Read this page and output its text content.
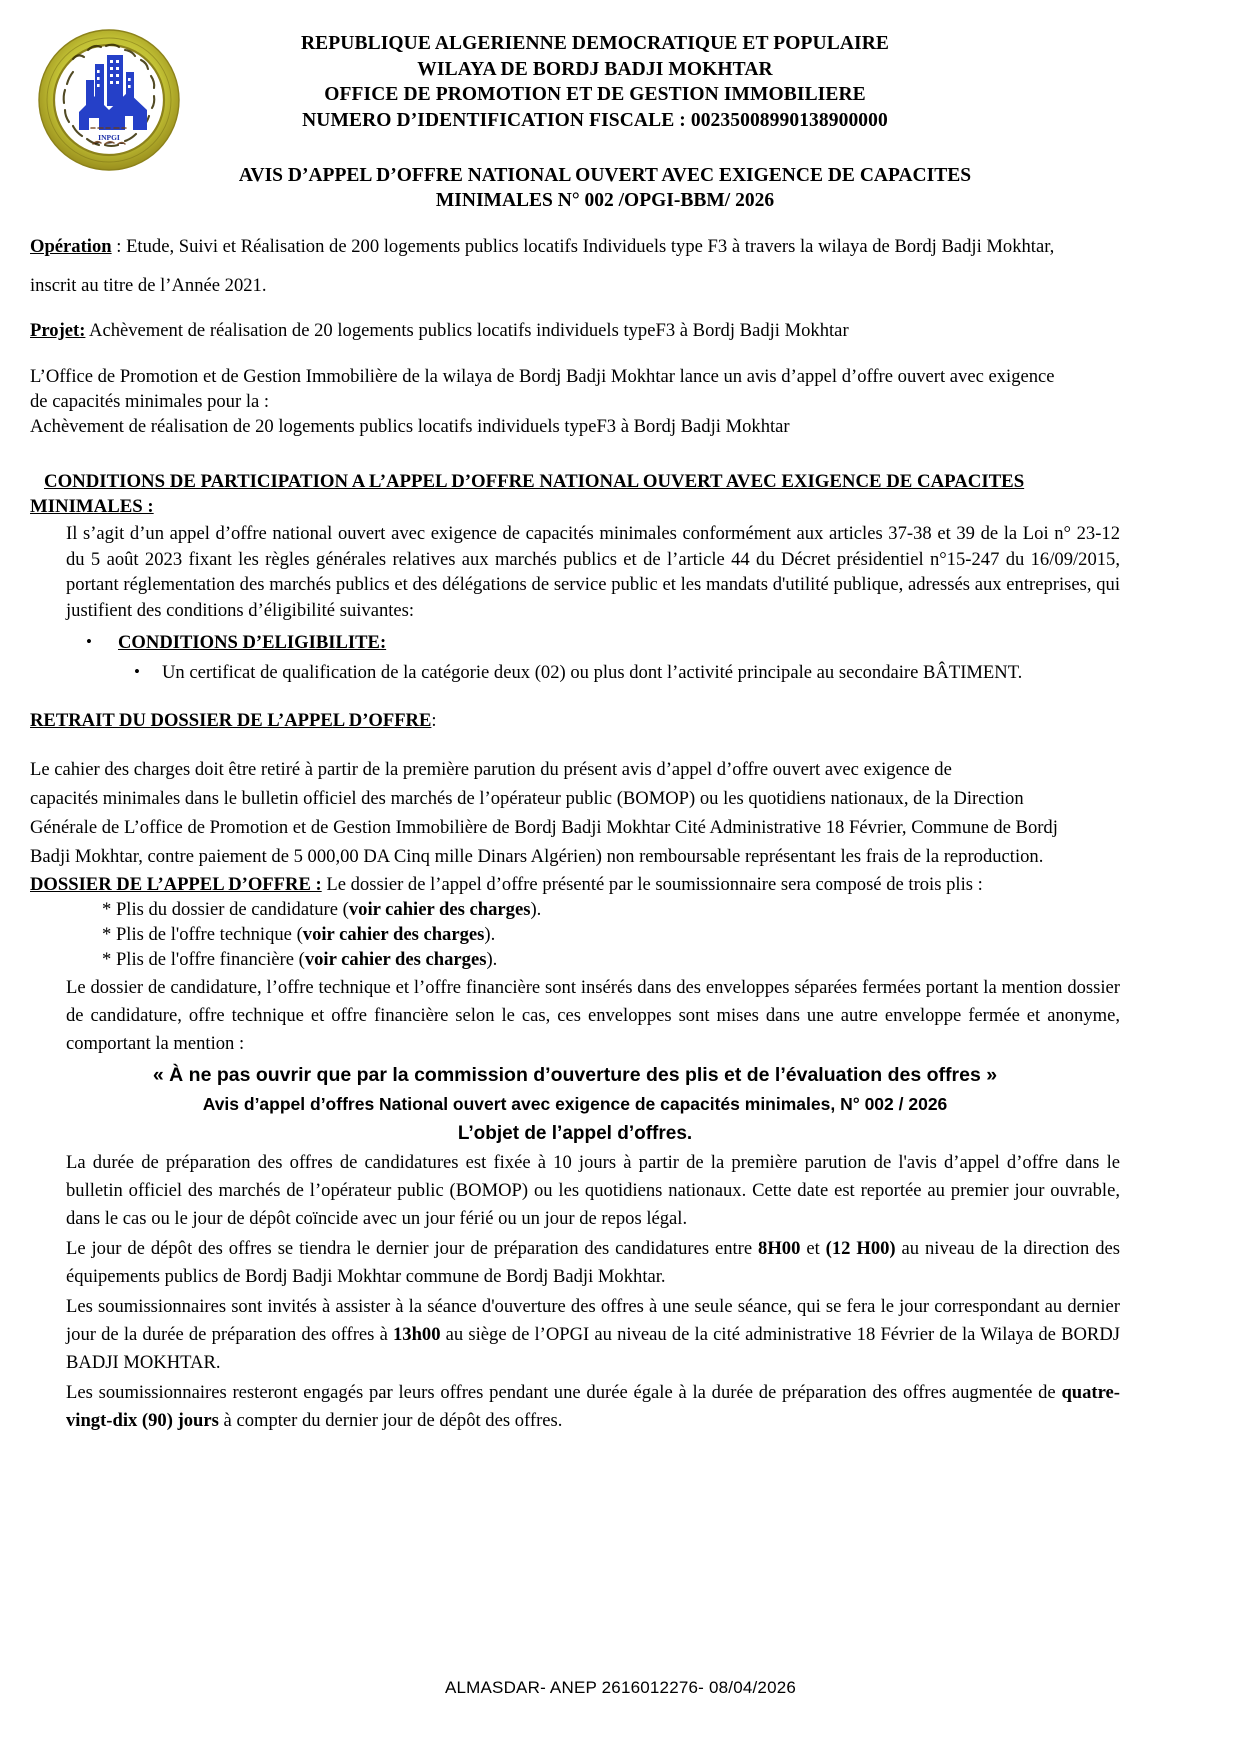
INPGI
REPUBLIQUE ALGERIENNE DEMOCRATIQUE ET POPULAIRE
WILAYA DE BORDJ BADJI MOKHTAR
OFFICE DE PROMOTION ET DE GESTION IMMOBILIERE
NUMERO D’IDENTIFICATION FISCALE : 00235008990138900000
AVIS D’APPEL D’OFFRE NATIONAL OUVERT AVEC EXIGENCE DE CAPACITES
MINIMALES N° 002 /OPGI-BBM/ 2026
Opération : Etude, Suivi et Réalisation de 200 logements publics locatifs Individuels type F3 à travers la wilaya de Bordj Badji Mokhtar,
inscrit au titre de l’Année 2021.
Projet: Achèvement de réalisation de 20 logements publics locatifs individuels typeF3 à Bordj Badji Mokhtar
L’Office de Promotion et de Gestion Immobilière de la wilaya de Bordj Badji Mokhtar lance un avis d’appel d’offre ouvert avec exigence
de capacités minimales pour la :
Achèvement de réalisation de 20 logements publics locatifs individuels typeF3 à Bordj Badji Mokhtar
CONDITIONS DE PARTICIPATION A L’APPEL D’OFFRE NATIONAL OUVERT AVEC EXIGENCE DE CAPACITES
MINIMALES :
Il s’agit d’un appel d’offre national ouvert avec exigence de capacités minimales conformément aux articles 37-38 et 39 de la Loi n° 23-12 du 5 août 2023 fixant les règles générales relatives aux marchés publics et de l’article 44 du Décret présidentiel n°15-247 du 16/09/2015, portant réglementation des marchés publics et des délégations de service public et les mandats d'utilité publique, adressés aux entreprises, qui justifient des conditions d’éligibilité suivantes:
• CONDITIONS D’ELIGIBILITE:
• Un certificat de qualification de la catégorie deux (02) ou plus dont l’activité principale au secondaire BÂTIMENT.
RETRAIT DU DOSSIER DE L’APPEL D’OFFRE:
Le cahier des charges doit être retiré à partir de la première parution du présent avis d’appel d’offre ouvert avec exigence de
capacités minimales dans le bulletin officiel des marchés de l’opérateur public (BOMOP) ou les quotidiens nationaux, de la Direction
Générale de L’office de Promotion et de Gestion Immobilière de Bordj Badji Mokhtar Cité Administrative 18 Février, Commune de Bordj
Badji Mokhtar, contre paiement de 5 000,00 DA Cinq mille Dinars Algérien) non remboursable représentant les frais de la reproduction.
DOSSIER DE L’APPEL D’OFFRE : Le dossier de l’appel d’offre présenté par le soumissionnaire sera composé de trois plis :
* Plis du dossier de candidature (voir cahier des charges).
* Plis de l'offre technique (voir cahier des charges).
* Plis de l'offre financière (voir cahier des charges).
Le dossier de candidature, l’offre technique et l’offre financière sont insérés dans des enveloppes séparées fermées portant la mention dossier de candidature, offre technique et offre financière selon le cas, ces enveloppes sont mises dans une autre enveloppe fermée et anonyme, comportant la mention :
« À ne pas ouvrir que par la commission d’ouverture des plis et de l’évaluation des offres »
Avis d’appel d’offres National ouvert avec exigence de capacités minimales, N° 002 / 2026
L’objet de l’appel d’offres.
La durée de préparation des offres de candidatures est fixée à 10 jours à partir de la première parution de l'avis d’appel d’offre dans le bulletin officiel des marchés de l’opérateur public (BOMOP) ou les quotidiens nationaux. Cette date est reportée au premier jour ouvrable, dans le cas ou le jour de dépôt coïncide avec un jour férié ou un jour de repos légal.
Le jour de dépôt des offres se tiendra le dernier jour de préparation des candidatures entre 8H00 et (12 H00) au niveau de la direction des équipements publics de Bordj Badji Mokhtar commune de Bordj Badji Mokhtar.
Les soumissionnaires sont invités à assister à la séance d'ouverture des offres à une seule séance, qui se fera le jour correspondant au dernier jour de la durée de préparation des offres à 13h00 au siège de l’OPGI au niveau de la cité administrative 18 Février de la Wilaya de BORDJ BADJI MOKHTAR.
Les soumissionnaires resteront engagés par leurs offres pendant une durée égale à la durée de préparation des offres augmentée de quatre-vingt-dix (90) jours à compter du dernier jour de dépôt des offres.
ALMASDAR- ANEP 2616012276- 08/04/2026
